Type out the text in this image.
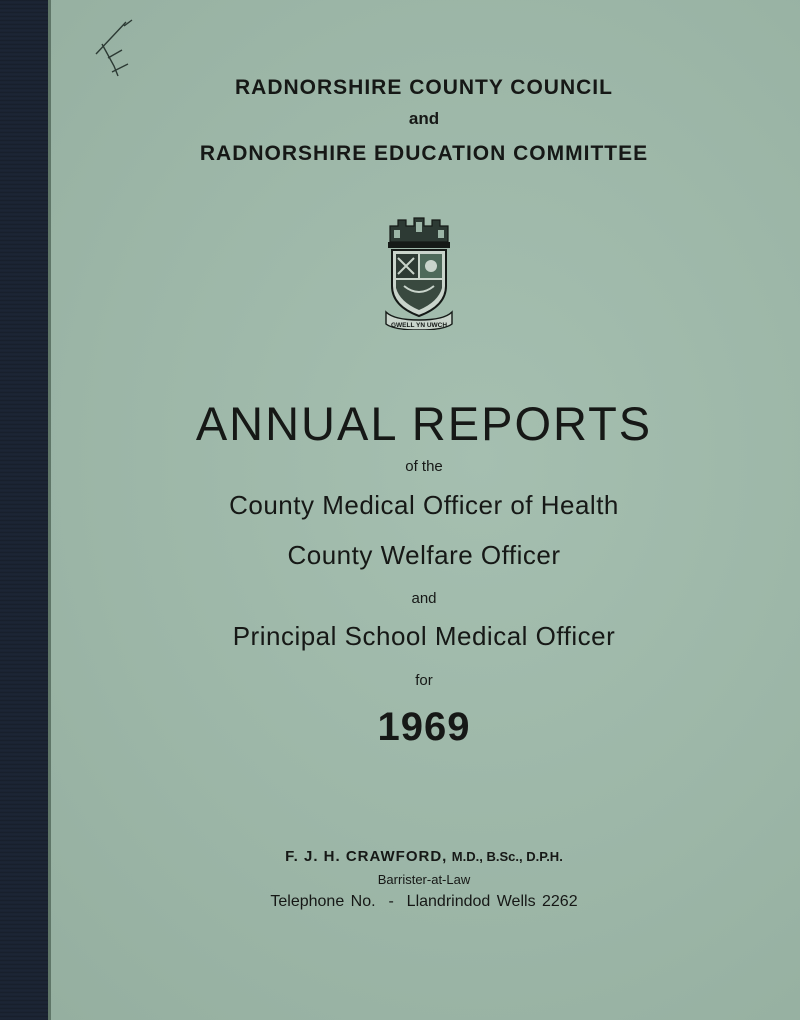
RADNORSHIRE COUNTY COUNCIL
and
RADNORSHIRE EDUCATION COMMITTEE
GWELL YN UWCH
ANNUAL REPORTS
of the
County Medical Officer of Health
County Welfare Officer
and
Principal School Medical Officer
for
1969
F. J. H. CRAWFORD, M.D., B.Sc., D.P.H.
Barrister-at-Law
Telephone No.  -  Llandrindod Wells 2262
